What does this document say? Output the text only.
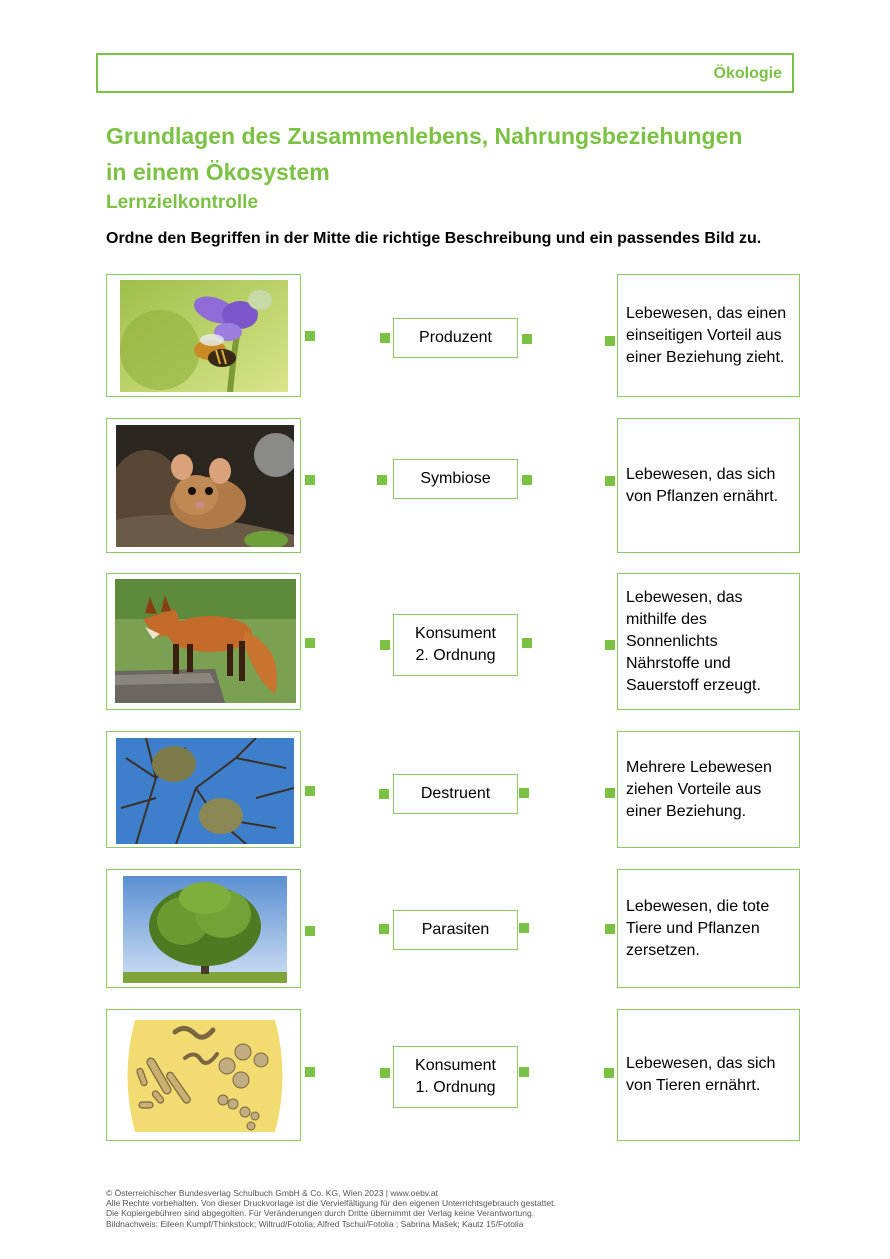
Ökologie
Grundlagen des Zusammenlebens, Nahrungsbeziehungen
in einem Ökosystem
Lernzielkontrolle

Ordne den Begriffen in der Mitte die richtige Beschreibung und ein passendes Bild zu.

Produzent
Lebewesen, das einen einseitigen Vorteil aus einer Beziehung zieht.
Symbiose	Lebewesen, das sich von Pflanzen ernährt.
Konsument
2. Ordnung
Lebewesen, das mithilfe des Sonnenlichts Nährstoffe und Sauerstoff erzeugt.
Destruent
Mehrere Lebewesen ziehen Vorteile aus einer Beziehung.
Parasiten
Lebewesen, die tote Tiere und Pflanzen zersetzen.
Konsument
1. Ordnung
Lebewesen, das sich von Tieren ernährt.
© Österreichischer Bundesverlag Schulbuch GmbH & Co. KG, Wien 2023 | www.oebv.at
Alle Rechte vorbehalten. Von dieser Druckvorlage ist die Vervielfältigung für den eigenen Unterrichtsgebrauch gestattet.
Die Kopiergebühren sind abgegolten. Für Veränderungen durch Dritte übernimmt der Verlag keine Verantwortung.
Bildnachweis: Eileen Kumpf/Thinkstock; Wiltrud/Fotolia; Alfred Tschui/Fotolia ; Sabrina Mašek; Kautz 15/Fotolia
